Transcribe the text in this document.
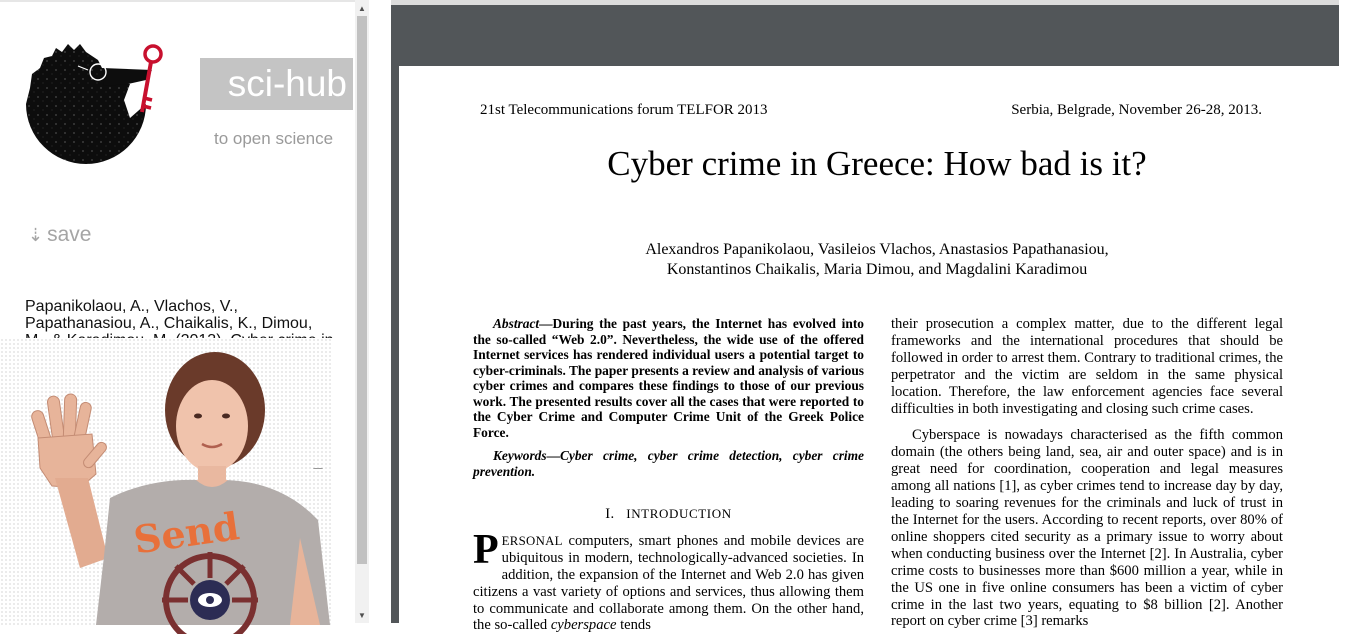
sci-hub
to open science
⇣ save
Papanikolaou, A., Vlachos, V., Papathanasiou, A., Chaikalis, K., Dimou,
Send
▲
▼
21st Telecommunications forum TELFOR 2013	Serbia, Belgrade, November 26-28, 2013.
Cyber crime in Greece: How bad is it?
Alexandros Papanikolaou, Vasileios Vlachos, Anastasios Papathanasiou,
Konstantinos Chaikalis, Maria Dimou, and Magdalini Karadimou

Abstract—During the past years, the Internet has evolved into the so-called “Web 2.0”. Nevertheless, the wide use of the offered Internet services has rendered individual users a potential target to cyber-criminals. The paper presents a review and analysis of various cyber crimes and compares these findings to those of our previous work. The presented results cover all the cases that were reported to the Cyber Crime and Computer Crime Unit of the Greek Police Force.

Keywords—Cyber crime, cyber crime detection, cyber crime prevention.

I. INTRODUCTION

PERSONAL computers, smart phones and mobile devices are ubiquitous in modern, technologically-advanced societies. In addition, the expansion of the Internet and Web 2.0 has given citizens a vast variety of options and services, thus allowing them to communicate and collaborate among them. On the other hand, the so-called cyberspace tends

their prosecution a complex matter, due to the different legal frameworks and the international procedures that should be followed in order to arrest them. Contrary to traditional crimes, the perpetrator and the victim are seldom in the same physical location. Therefore, the law enforcement agencies face several difficulties in both investigating and closing such crime cases.

Cyberspace is nowadays characterised as the fifth common domain (the others being land, sea, air and outer space) and is in great need for coordination, cooperation and legal measures among all nations [1], as cyber crimes tend to increase day by day, leading to soaring revenues for the criminals and luck of trust in the Internet for the users. According to recent reports, over 80% of online shoppers cited security as a primary issue to worry about when conducting business over the Internet [2]. In Australia, cyber crime costs to businesses more than $600 million a year, while in the US one in five online consumers has been a victim of cyber crime in the last two years, equating to $8 billion [2]. Another report on cyber crime [3] remarks
